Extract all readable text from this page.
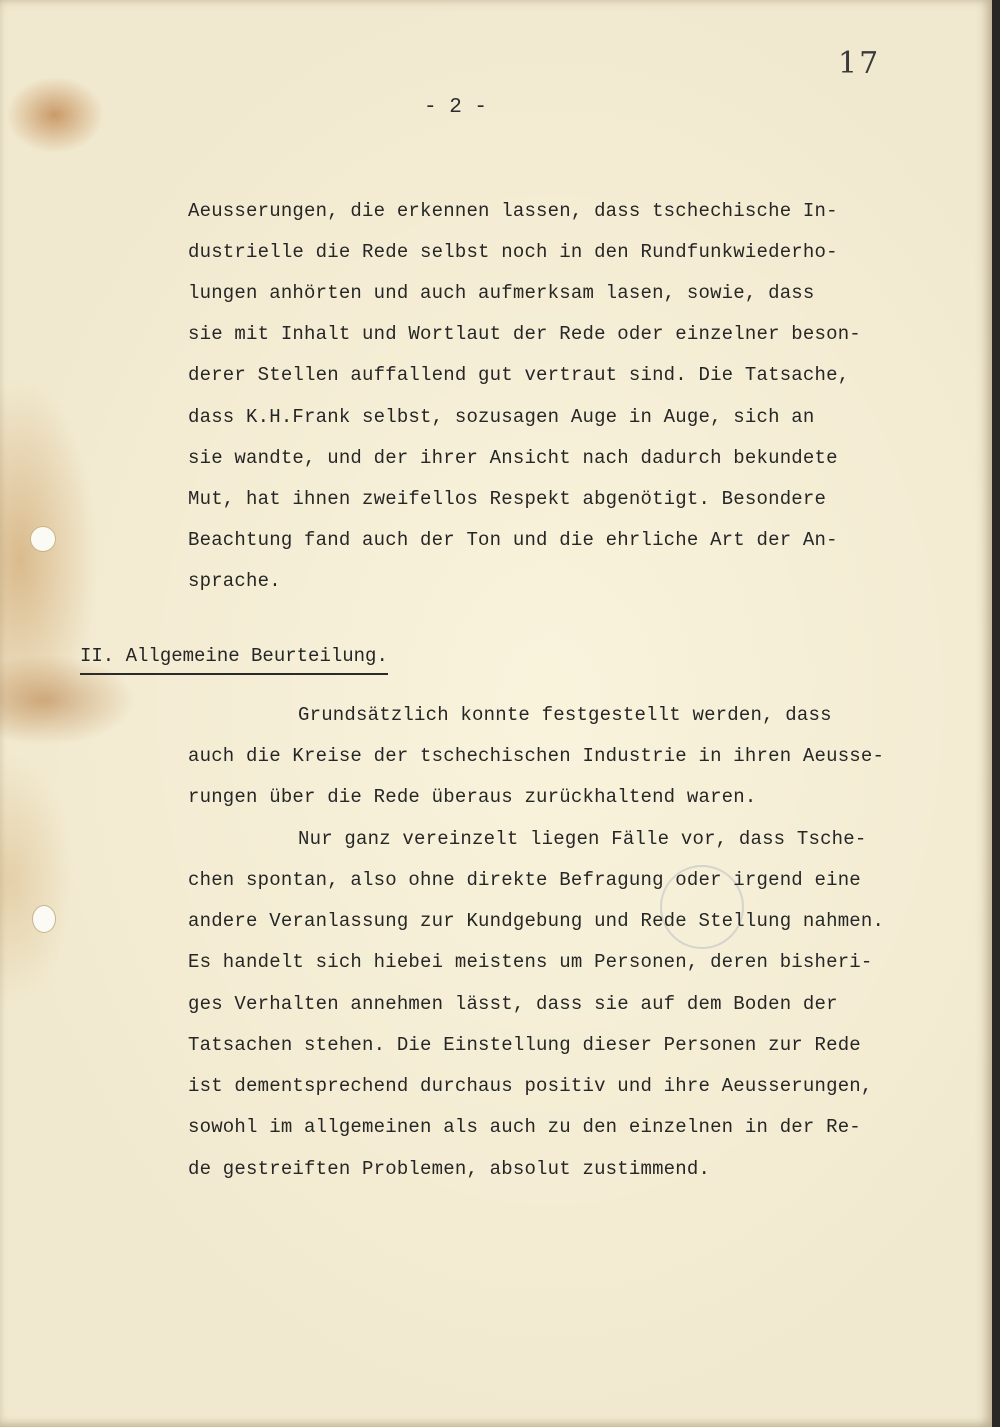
17
- 2 -
Aeusserungen, die erkennen lassen, dass tschechische In-
dustrielle die Rede selbst noch in den Rundfunkwiederho-
lungen anhörten und auch aufmerksam lasen, sowie, dass
sie mit Inhalt und Wortlaut der Rede oder einzelner beson-
derer Stellen auffallend gut vertraut sind. Die Tatsache,
dass K.H.Frank selbst, sozusagen Auge in Auge, sich an
sie wandte, und der ihrer Ansicht nach dadurch bekundete
Mut, hat ihnen zweifellos Respekt abgenötigt. Besondere
Beachtung fand auch der Ton und die ehrliche Art der An-
sprache.
II. Allgemeine Beurteilung.
Grundsätzlich konnte festgestellt werden, dass
auch die Kreise der tschechischen Industrie in ihren Aeusse-
rungen über die Rede überaus zurückhaltend waren.
Nur ganz vereinzelt liegen Fälle vor, dass Tsche-
chen spontan, also ohne direkte Befragung oder irgend eine
andere Veranlassung zur Kundgebung und Rede Stellung nahmen.
Es handelt sich hiebei meistens um Personen, deren bisheri-
ges Verhalten annehmen lässt, dass sie auf dem Boden der
Tatsachen stehen. Die Einstellung dieser Personen zur Rede
ist dementsprechend durchaus positiv und ihre Aeusserungen,
sowohl im allgemeinen als auch zu den einzelnen in der Re-
de gestreiften Problemen, absolut zustimmend.
